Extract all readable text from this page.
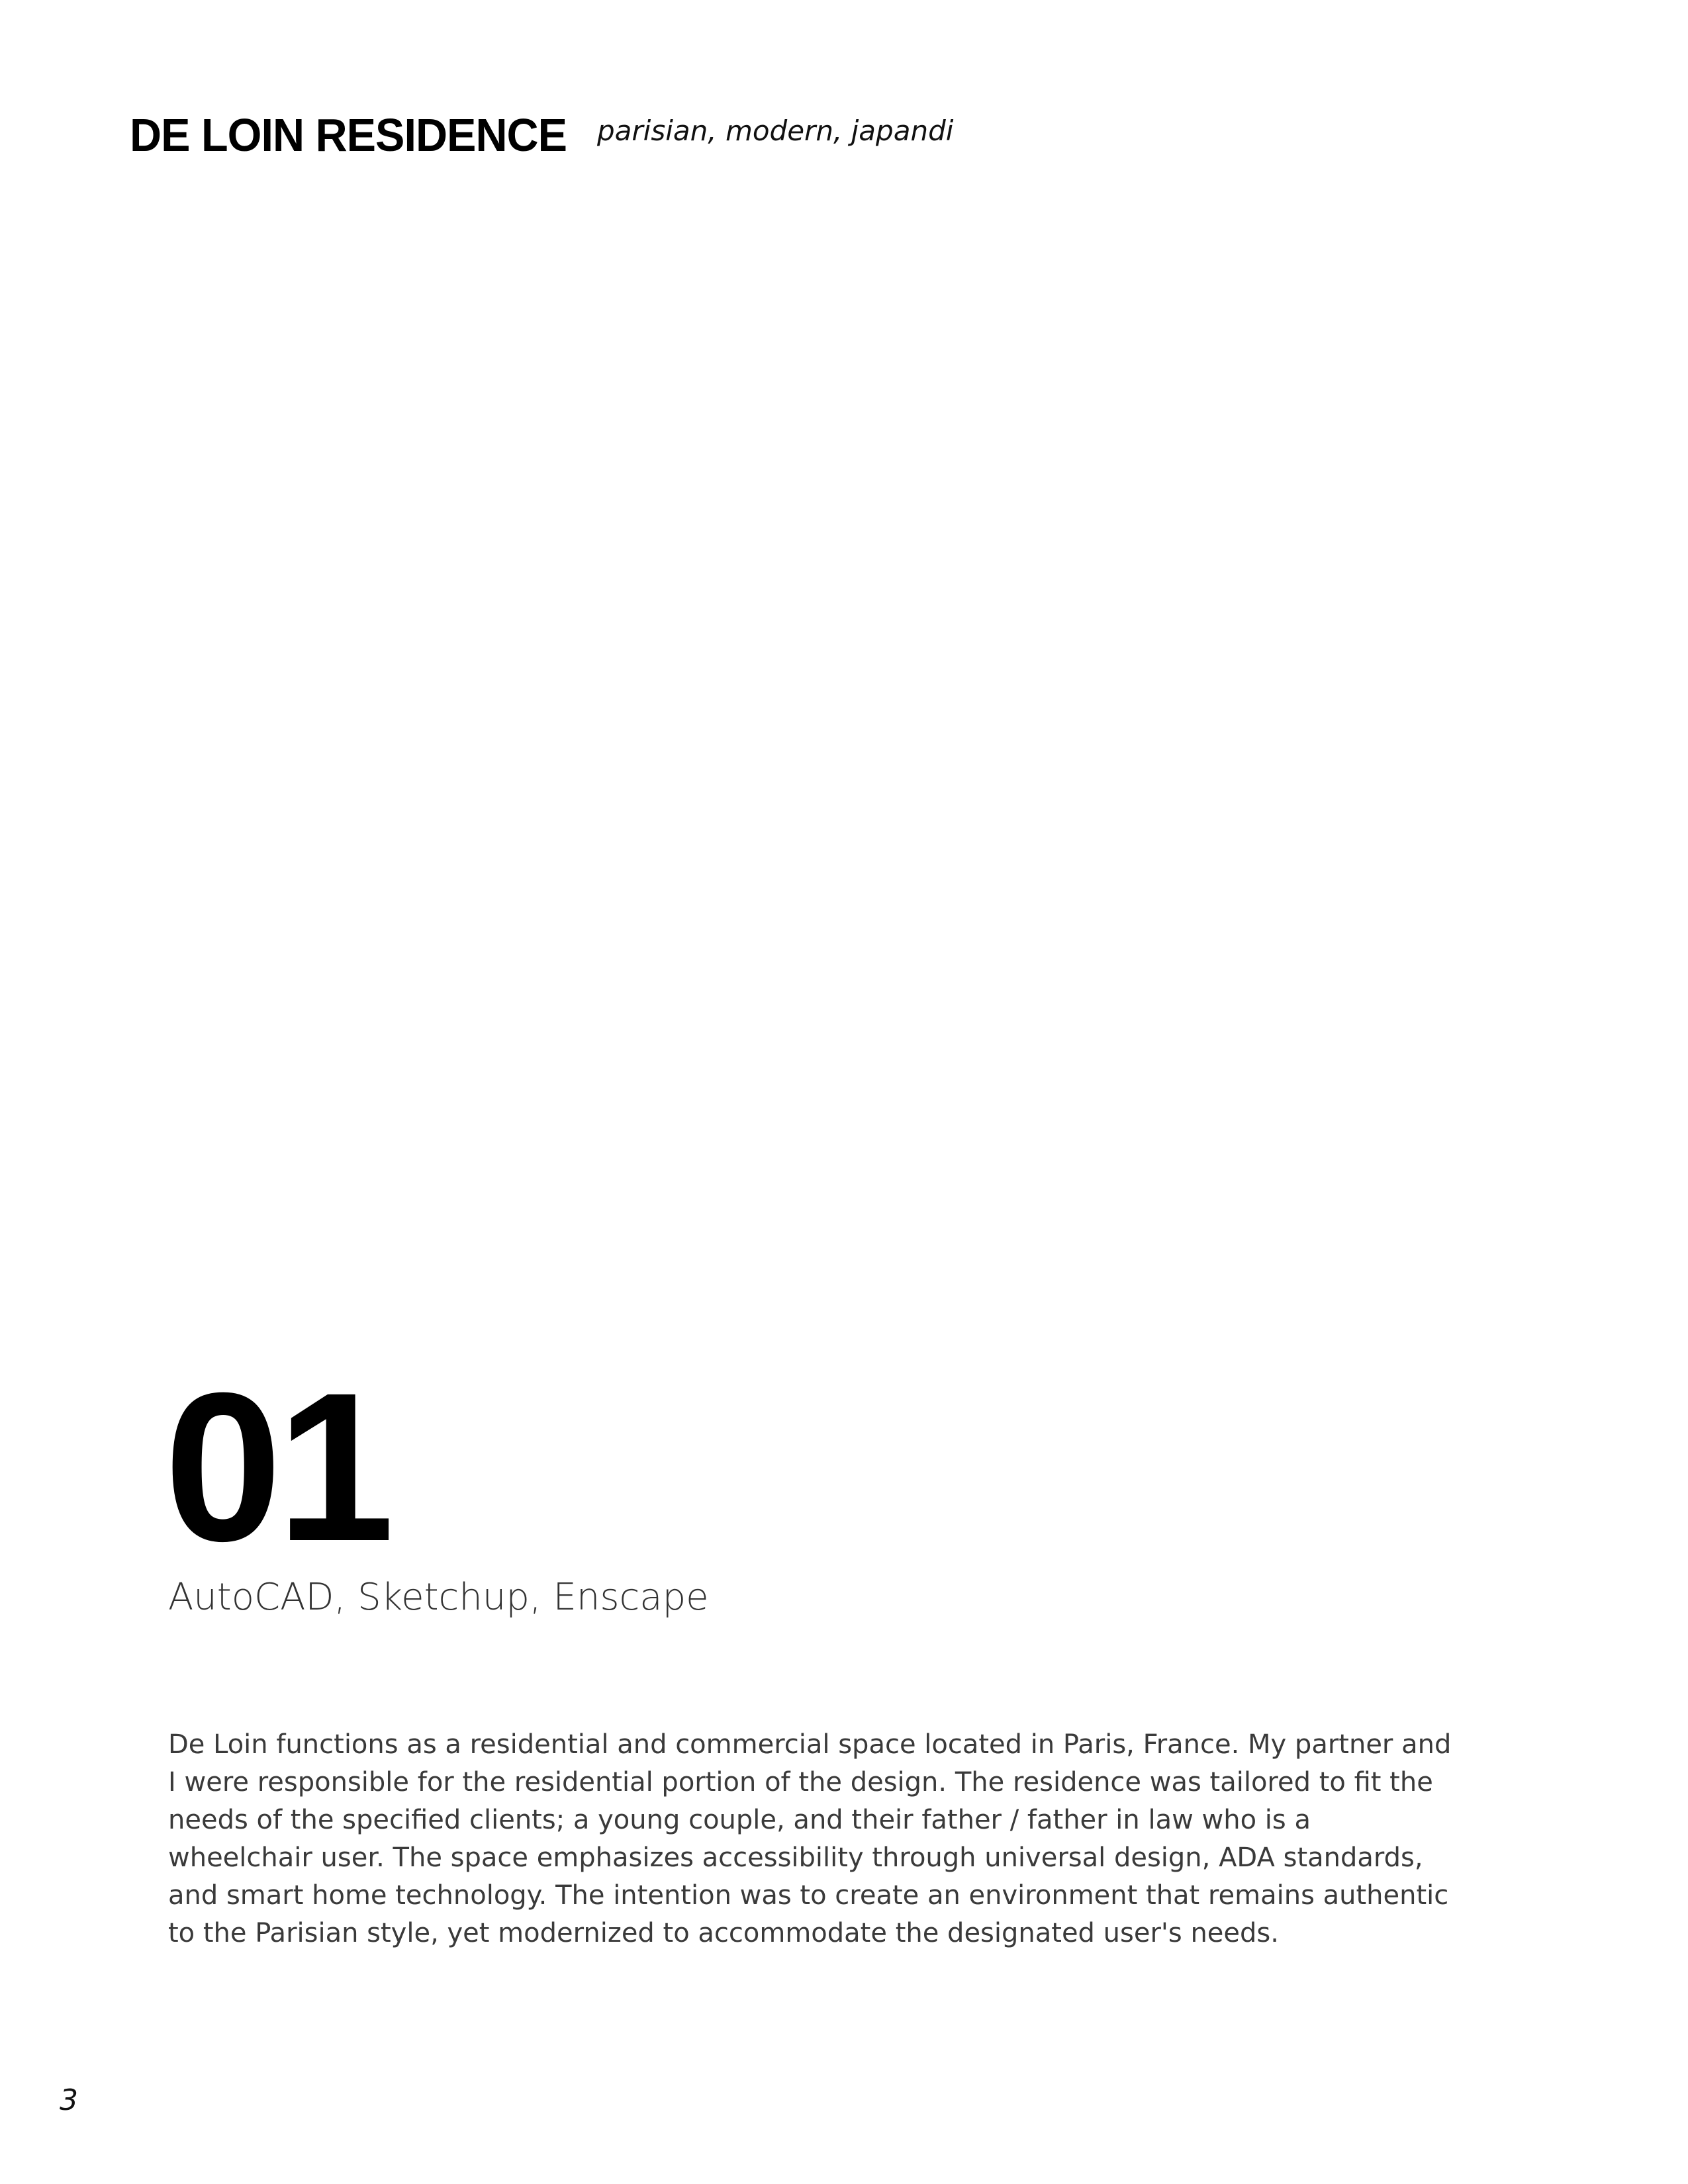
DE LOIN RESIDENCE parisian, modern, japandi

01

AutoCAD, Sketchup, Enscape

De Loin functions as a residential and commercial space located in Paris, France. My partner and I were responsible for the residential portion of the design. The residence was tailored to fit the needs of the specified clients; a young couple, and their father / father in law who is a wheelchair user. The space emphasizes accessibility through universal design, ADA standards, and smart home technology. The intention was to create an environment that remains authentic to the Parisian style, yet modernized to accommodate the designated user's needs.

3
